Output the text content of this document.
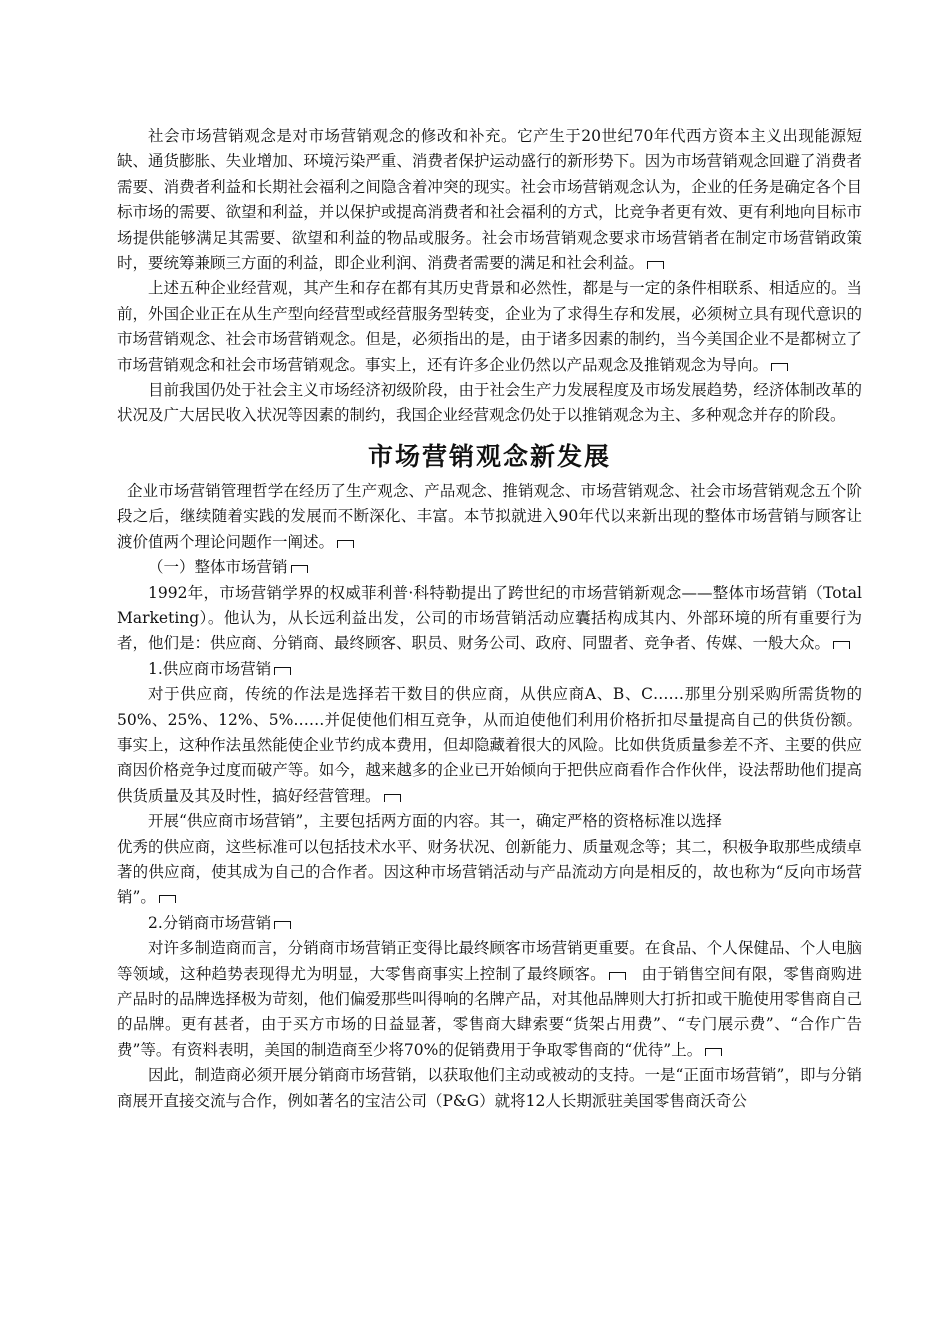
社会市场营销观念是对市场营销观念的修改和补充。它产生于20世纪70年代西方资本主义出现能源短缺、通货膨胀、失业增加、环境污染严重、消费者保护运动盛行的新形势下。因为市场营销观念回避了消费者需要、消费者利益和长期社会福利之间隐含着冲突的现实。社会市场营销观念认为，企业的任务是确定各个目标市场的需要、欲望和利益，并以保护或提高消费者和社会福利的方式，比竞争者更有效、更有利地向目标市场提供能够满足其需要、欲望和利益的物品或服务。社会市场营销观念要求市场营销者在制定市场营销政策时，要统筹兼顾三方面的利益，即企业利润、消费者需要的满足和社会利益。

上述五种企业经营观，其产生和存在都有其历史背景和必然性，都是与一定的条件相联系、相适应的。当前，外国企业正在从生产型向经营型或经营服务型转变，企业为了求得生存和发展，必须树立具有现代意识的市场营销观念、社会市场营销观念。但是，必须指出的是，由于诸多因素的制约，当今美国企业不是都树立了市场营销观念和社会市场营销观念。事实上，还有许多企业仍然以产品观念及推销观念为导向。

目前我国仍处于社会主义市场经济初级阶段，由于社会生产力发展程度及市场发展趋势，经济体制改革的状况及广大居民收入状况等因素的制约，我国企业经营观念仍处于以推销观念为主、多种观念并存的阶段。

市场营销观念新发展

企业市场营销管理哲学在经历了生产观念、产品观念、推销观念、市场营销观念、社会市场营销观念五个阶段之后，继续随着实践的发展而不断深化、丰富。本节拟就进入90年代以来新出现的整体市场营销与顾客让渡价值两个理论问题作一阐述。

（一）整体市场营销

1992年，市场营销学界的权威菲利普·科特勒提出了跨世纪的市场营销新观念——整体市场营销（Total Marketing）。他认为，从长远利益出发，公司的市场营销活动应囊括构成其内、外部环境的所有重要行为者，他们是：供应商、分销商、最终顾客、职员、财务公司、政府、同盟者、竞争者、传媒、一般大众。

1.供应商市场营销

对于供应商，传统的作法是选择若干数目的供应商，从供应商A、B、C……那里分别采购所需货物的50%、25%、12%、5%……并促使他们相互竞争，从而迫使他们利用价格折扣尽量提高自己的供货份额。事实上，这种作法虽然能使企业节约成本费用，但却隐藏着很大的风险。比如供货质量参差不齐、主要的供应商因价格竞争过度而破产等。如今，越来越多的企业已开始倾向于把供应商看作合作伙伴，设法帮助他们提高供货质量及其及时性，搞好经营管理。

开展“供应商市场营销”，主要包括两方面的内容。其一，确定严格的资格标准以选择

优秀的供应商，这些标准可以包括技术水平、财务状况、创新能力、质量观念等；其二，积极争取那些成绩卓著的供应商，使其成为自己的合作者。因这种市场营销活动与产品流动方向是相反的，故也称为“反向市场营销”。

2.分销商市场营销

对许多制造商而言，分销商市场营销正变得比最终顾客市场营销更重要。在食品、个人保健品、个人电脑等领域，这种趋势表现得尤为明显，大零售商事实上控制了最终顾客。 由于销售空间有限，零售商购进产品时的品牌选择极为苛刻，他们偏爱那些叫得响的名牌产品，对其他品牌则大打折扣或干脆使用零售商自己的品牌。更有甚者，由于买方市场的日益显著，零售商大肆索要“货架占用费”、“专门展示费”、“合作广告费”等。有资料表明，美国的制造商至少将70%的促销费用于争取零售商的“优待”上。

因此，制造商必须开展分销商市场营销，以获取他们主动或被动的支持。一是“正面市场营销”，即与分销商展开直接交流与合作，例如著名的宝洁公司（P&G）就将12人长期派驻美国零售商沃奇公
